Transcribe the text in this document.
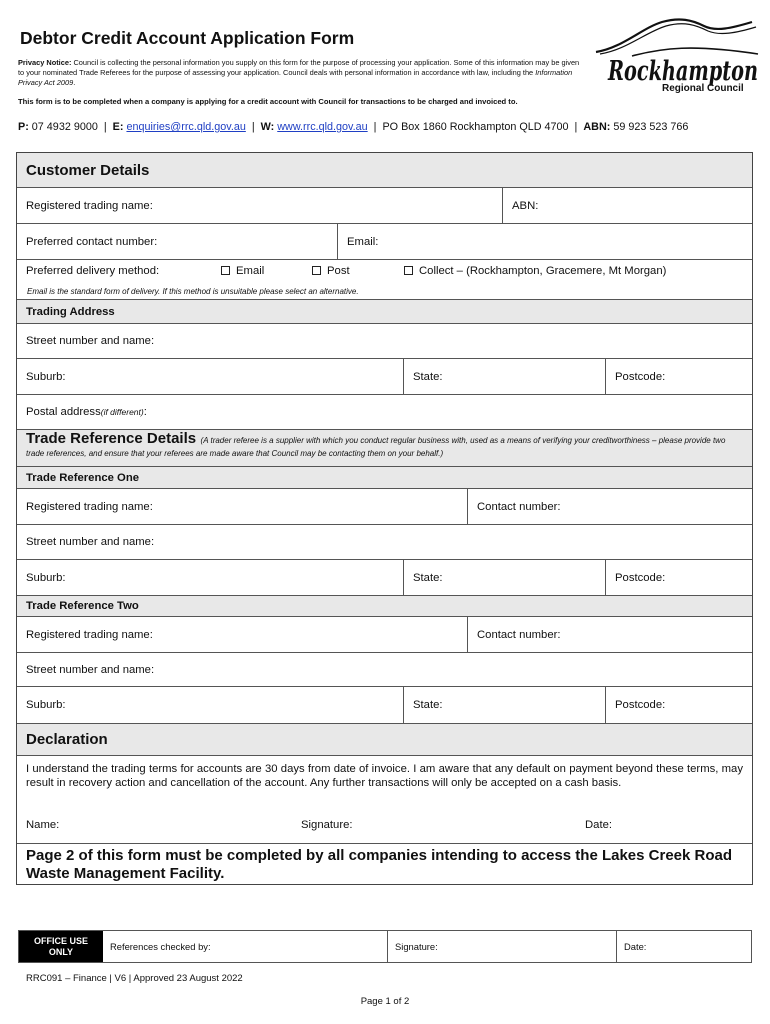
Debtor Credit Account Application Form
Privacy Notice: Council is collecting the personal information you supply on this form for the purpose of processing your application. Some of this information may be given to your nominated Trade Referees for the purpose of assessing your application. Council deals with personal information in accordance with law, including the Information Privacy Act 2009.
This form is to be completed when a company is applying for a credit account with Council for transactions to be charged and invoiced to.
P: 07 4932 9000 | E: enquiries@rrc.qld.gov.au | W: www.rrc.qld.gov.au | PO Box 1860 Rockhampton QLD 4700 | ABN: 59 923 523 766
Rockhampton
Regional Council
Customer Details
Registered trading name:	ABN:
Preferred contact number:	Email:
Preferred delivery method:	Email	Post	Collect – (Rockhampton, Gracemere, Mt Morgan)
Email is the standard form of delivery. If this method is unsuitable please select an alternative.
Trading Address
Street number and name:
Suburb:	State:	Postcode:
Postal address (if different) :
Trade Reference Details (A trader referee is a supplier with which you conduct regular business with, used as a means of verifying your creditworthiness – please provide two trade references, and ensure that your referees are made aware that Council may be contacting them on your behalf.)
Trade Reference One
Registered trading name:	Contact number:
Street number and name:
Suburb:	State:	Postcode:
Trade Reference Two
Registered trading name:	Contact number:
Street number and name:
Suburb:	State:	Postcode:
Declaration
I understand the trading terms for accounts are 30 days from date of invoice. I am aware that any default on payment beyond these terms, may result in recovery action and cancellation of the account. Any further transactions will only be accepted on a cash basis.
Name:	Signature:	Date:
Page 2 of this form must be completed by all companies intending to access the Lakes Creek Road Waste Management Facility.
OFFICE USE
ONLY	References checked by:	Signature:	Date:
RRC091 – Finance | V6 | Approved 23 August 2022
Page 1 of 2
